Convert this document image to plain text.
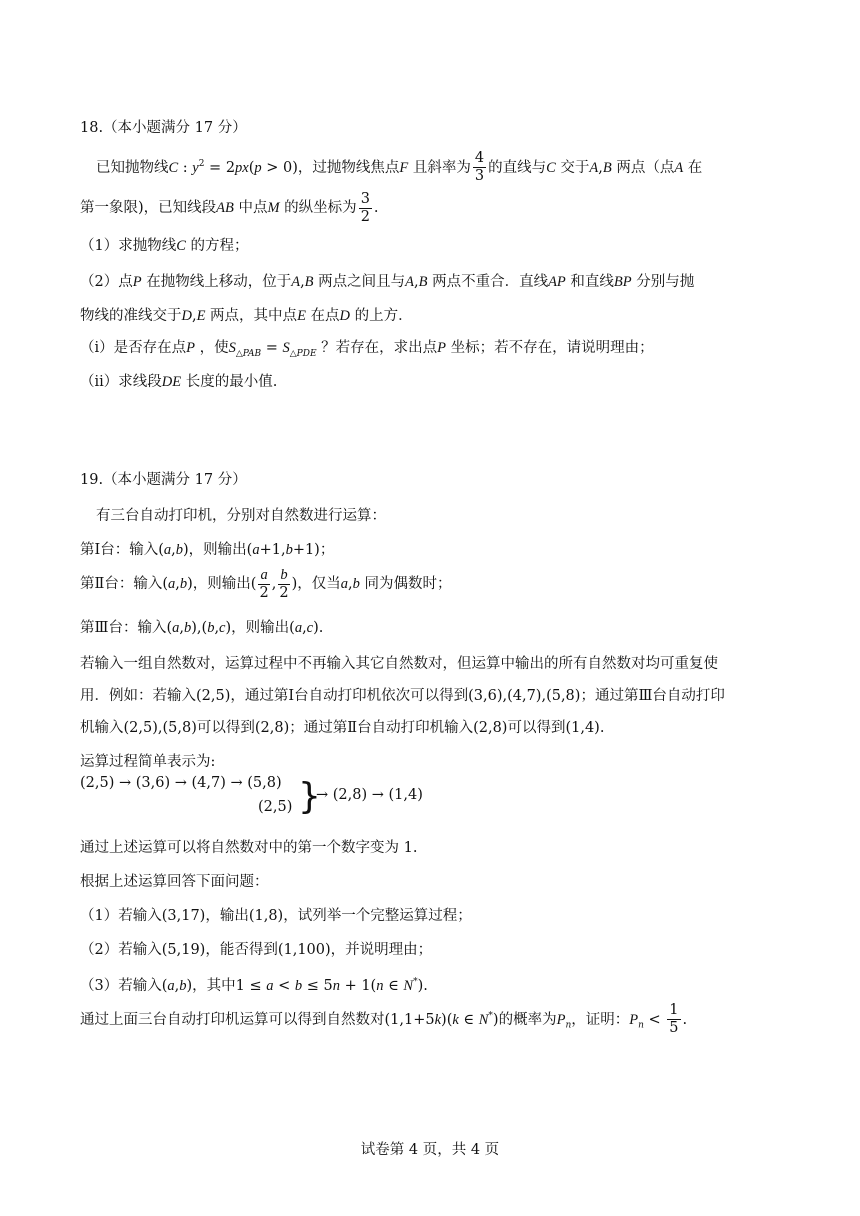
18.（本小题满分 17 分）
已知抛物线C : $y^2 = 2px(p > 0)$，过抛物线焦点F 且斜率为 $\frac{4}{3}$ 的直线与C 交于A,B 两点（点A 在
第一象限)，已知线段AB 中点M 的纵坐标为 $\frac{3}{2}$ .
（1）求抛物线C 的方程；
（2）点P 在抛物线上移动，位于A,B 两点之间且与A,B 两点不重合．直线AP 和直线BP 分别与抛
物线的准线交于D,E 两点，其中点E 在点D 的上方．
（i）是否存在点P ，使$S_{\triangle PAB} = S_{\triangle PDE}$ ？若存在，求出点P 坐标；若不存在，请说明理由；
（ii）求线段DE 长度的最小值.
19.（本小题满分 17 分）
有三台自动打印机，分别对自然数进行运算：
第Ⅰ台：输入(a,b)，则输出(a+1,b+1)；
第Ⅱ台：输入(a,b)，则输出( $\frac{a}{2}$ , $\frac{b}{2}$ )，仅当a,b 同为偶数时；
第Ⅲ台：输入(a,b),(b,c)，则输出(a,c).
若输入一组自然数对，运算过程中不再输入其它自然数对，但运算中输出的所有自然数对均可重复使
用．例如：若输入(2,5)，通过第Ⅰ台自动打印机依次可以得到(3,6),(4,7),(5,8)；通过第Ⅲ台自动打印
机输入(2,5),(5,8)可以得到(2,8)；通过第Ⅱ台自动打印机输入(2,8)可以得到(1,4).
运算过程简单表示为:
(2,5) → (3,6) → (4,7) → (5,8)
(2,5) }
→ (2,8) → (1,4)
通过上述运算可以将自然数对中的第一个数字变为 1.
根据上述运算回答下面问题：
（1）若输入(3,17)，输出(1,8)，试列举一个完整运算过程；
（2）若输入(5,19)，能否得到(1,100)，并说明理由；
（3）若输入(a,b)，其中1 ≤ a < b ≤ 5n + 1(n ∈ N*).
通过上面三台自动打印机运算可以得到自然数对(1,1+5k)(k ∈ N*)的概率为$P_n$，证明：$P_n < \frac{1}{5}$ .
试卷第 4 页，共 4 页
